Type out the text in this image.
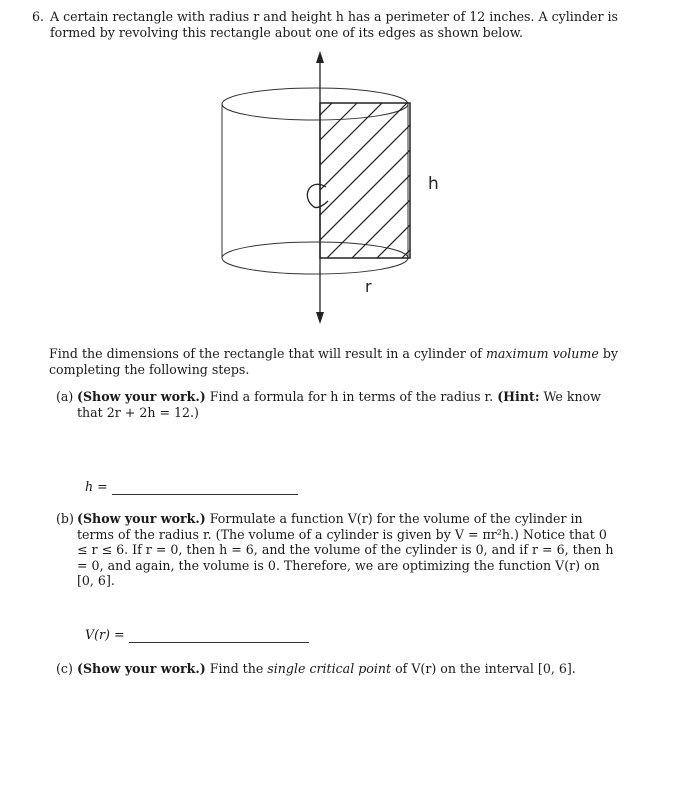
6. A certain rectangle with radius r and height h has a perimeter of 12 inches. A cylinder is formed by revolving this rectangle about one of its edges as shown below.
h
r
Find the dimensions of the rectangle that will result in a cylinder of maximum volume by completing the following steps.
(a) (Show your work.) Find a formula for h in terms of the radius r. (Hint: We know that 2r + 2h = 12.)
h =
(b) (Show your work.) Formulate a function V(r) for the volume of the cylinder in terms of the radius r. (The volume of a cylinder is given by V = πr²h.) Notice that 0 ≤ r ≤ 6. If r = 0, then h = 6, and the volume of the cylinder is 0, and if r = 6, then h = 0, and again, the volume is 0. Therefore, we are optimizing the function V(r) on [0, 6].
V(r) =
(c) (Show your work.) Find the single critical point of V(r) on the interval [0, 6].
